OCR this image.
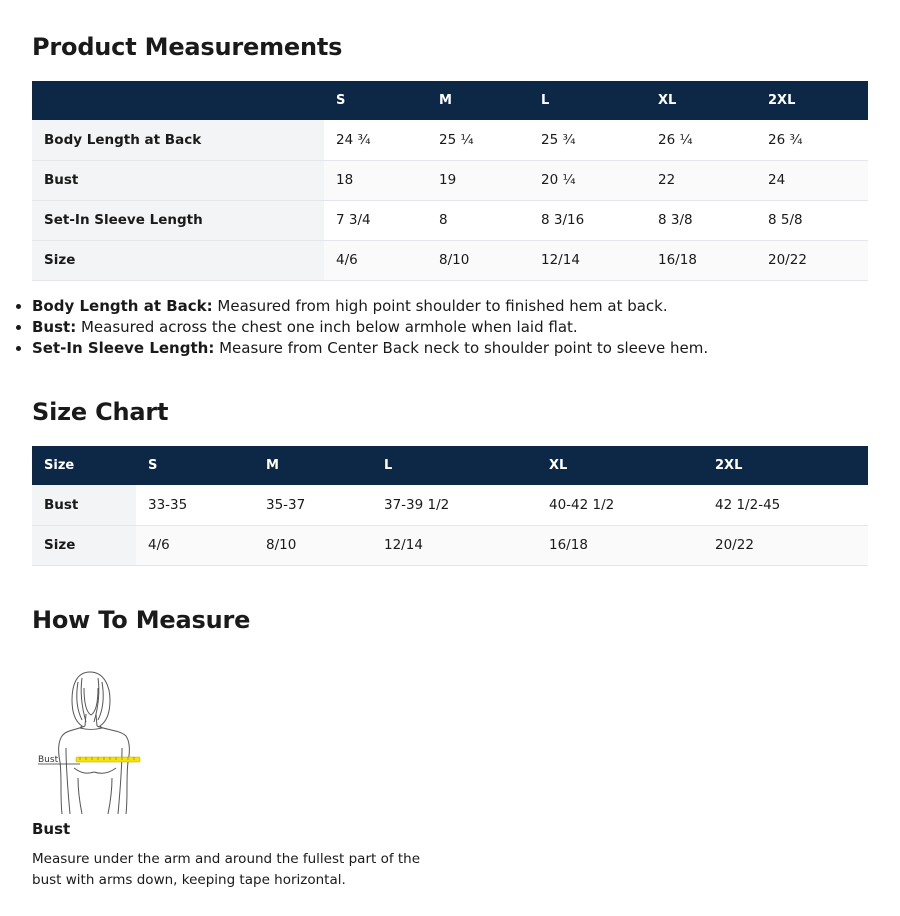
Product Measurements
	S	M	L	XL	2XL
Body Length at Back	24 ¾	25 ¼	25 ¾	26 ¼	26 ¾
Bust	18	19	20 ¼	22	24
Set-In Sleeve Length	7 3/4	8	8 3/16	8 3/8	8 5/8
Size	4/6	8/10	12/14	16/18	20/22
• Body Length at Back: Measured from high point shoulder to finished hem at back.
• Bust: Measured across the chest one inch below armhole when laid flat.
• Set-In Sleeve Length: Measure from Center Back neck to shoulder point to sleeve hem.
Size Chart
Size	S	M	L	XL	2XL
Bust	33-35	35-37	37-39 1/2	40-42 1/2	42 1/2-45
Size	4/6	8/10	12/14	16/18	20/22
How To Measure
Bust

Bust

Measure under the arm and around the fullest part of the bust with arms down, keeping tape horizontal.
